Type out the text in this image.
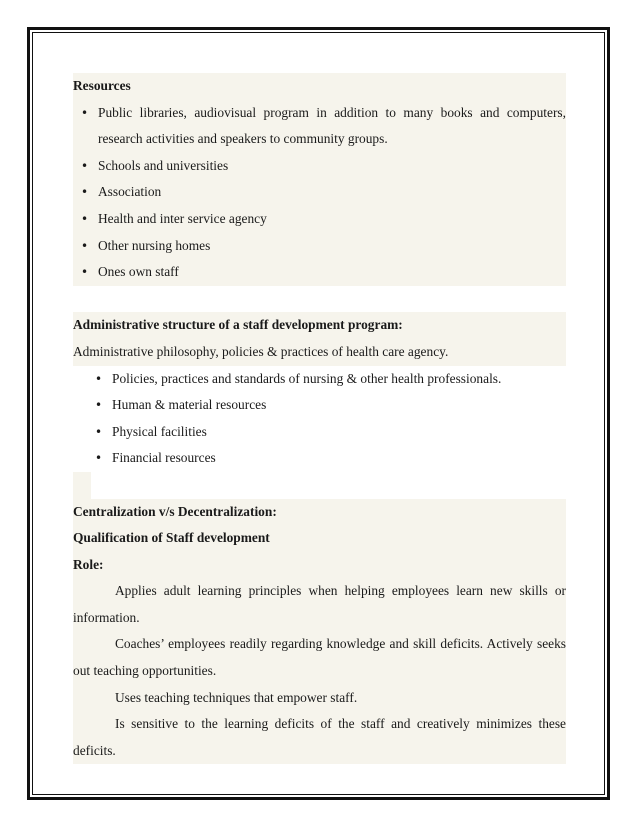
Resources
• Public libraries, audiovisual program in addition to many books and computers, research activities and speakers to community groups.
• Schools and universities
• Association
• Health and inter service agency
• Other nursing homes
• Ones own staff
Administrative structure of a staff development program:
Administrative philosophy, policies & practices of health care agency.
• Policies, practices and standards of nursing & other health professionals.
• Human & material resources
• Physical facilities
• Financial resources
Centralization v/s Decentralization:
Qualification of Staff development
Role:
Applies adult learning principles when helping employees learn new skills or information.
Coaches’ employees readily regarding knowledge and skill deficits. Actively seeks out teaching opportunities.
Uses teaching techniques that empower staff.
Is sensitive to the learning deficits of the staff and creatively minimizes these deficits.
